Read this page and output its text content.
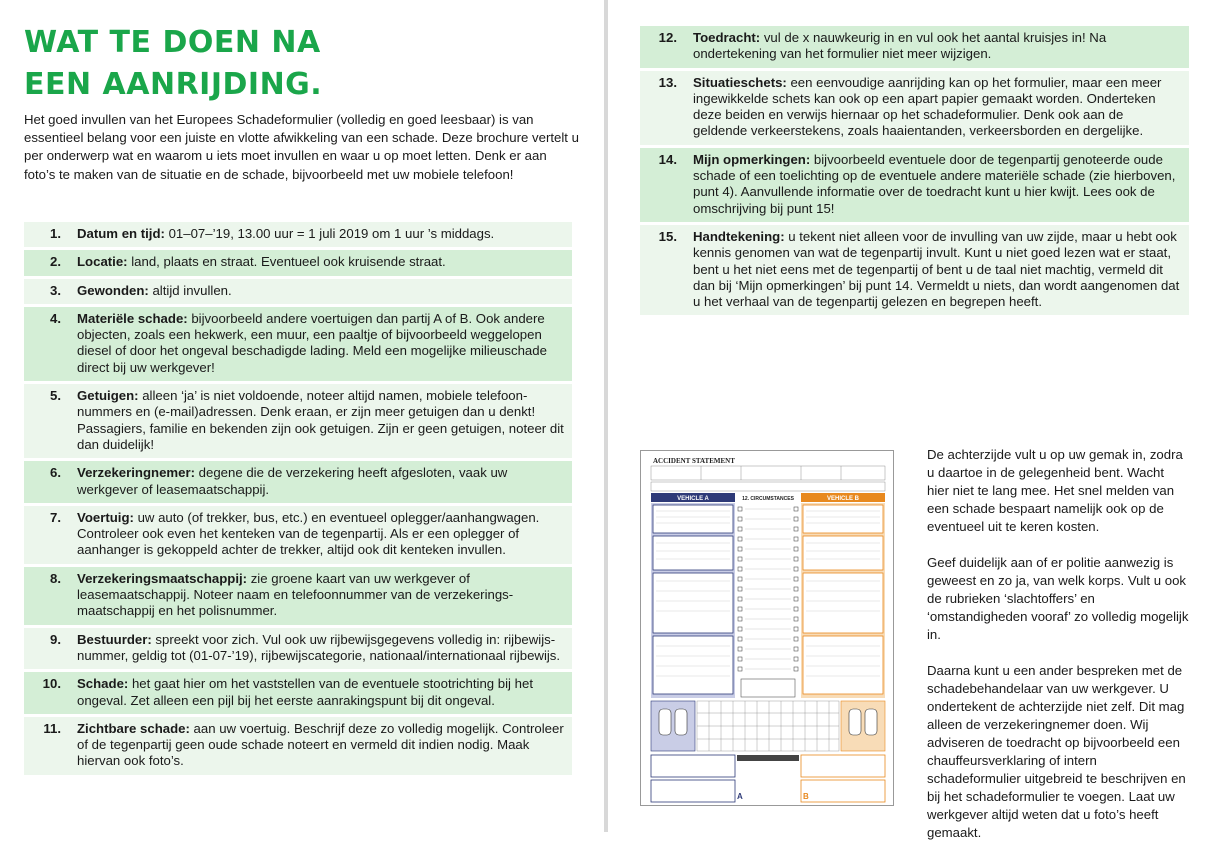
WAT TE DOEN NA
EEN AANRIJDING.

Het goed invullen van het Europees Schadeformulier (volledig en goed leesbaar) is van essentieel belang voor een juiste en vlotte afwikkeling van een schade. Deze brochure vertelt u per onderwerp wat en waarom u iets moet invullen en waar u op moet letten. Denk er aan foto’s te maken van de situatie en de schade, bijvoorbeeld met uw mobiele telefoon!

1.	Datum en tijd: 01–07–’19, 13.00 uur = 1 juli 2019 om 1 uur ’s middags.
2.	Locatie: land, plaats en straat. Eventueel ook kruisende straat.
3.	Gewonden: altijd invullen.
4.	Materiële schade: bijvoorbeeld andere voertuigen dan partij A of B. Ook andere objecten, zoals een hekwerk, een muur, een paaltje of bijvoorbeeld weggelopen diesel of door het ongeval beschadigde lading. Meld een mogelijke milieuschade direct bij uw werkgever!
5.	Getuigen: alleen ‘ja’ is niet voldoende, noteer altijd namen, mobiele telefoon-nummers en (e-mail)adressen. Denk eraan, er zijn meer getuigen dan u denkt! Passagiers, familie en bekenden zijn ook getuigen. Zijn er geen getuigen, noteer dit dan duidelijk!
6.	Verzekeringnemer: degene die de verzekering heeft afgesloten, vaak uw werkgever of leasemaatschappij.
7.	Voertuig: uw auto (of trekker, bus, etc.) en eventueel oplegger/aanhangwagen. Controleer ook even het kenteken van de tegenpartij. Als er een oplegger of aanhanger is gekoppeld achter de trekker, altijd ook dit kenteken invullen.
8.	Verzekeringsmaatschappij: zie groene kaart van uw werkgever of leasemaatschappij. Noteer naam en telefoonnummer van de verzekerings-maatschappij en het polisnummer.
9.	Bestuurder: spreekt voor zich. Vul ook uw rijbewijsgegevens volledig in: rijbewijs-nummer, geldig tot (01-07-’19), rijbewijscategorie, nationaal/internationaal rijbewijs.
10.	Schade: het gaat hier om het vaststellen van de eventuele stootrichting bij het ongeval. Zet alleen een pijl bij het eerste aanrakingspunt bij dit ongeval.
11.	Zichtbare schade: aan uw voertuig. Beschrijf deze zo volledig mogelijk. Controleer of de tegenpartij geen oude schade noteert en vermeld dit indien nodig. Maak hiervan ook foto’s.
12.	Toedracht: vul de x nauwkeurig in en vul ook het aantal kruisjes in! Na ondertekening van het formulier niet meer wijzigen.
13.	Situatieschets: een eenvoudige aanrijding kan op het formulier, maar een meer ingewikkelde schets kan ook op een apart papier gemaakt worden. Onderteken deze beiden en verwijs hiernaar op het schadeformulier. Denk ook aan de geldende verkeerstekens, zoals haaientanden, verkeersborden en dergelijke.
14.	Mijn opmerkingen: bijvoorbeeld eventuele door de tegenpartij genoteerde oude schade of een toelichting op de eventuele andere materiële schade (zie hierboven, punt 4). Aanvullende informatie over de toedracht kunt u hier kwijt. Lees ook de omschrijving bij punt 15!
15.	Handtekening: u tekent niet alleen voor de invulling van uw zijde, maar u hebt ook kennis genomen van wat de tegenpartij invult. Kunt u niet goed lezen wat er staat, bent u het niet eens met de tegenpartij of bent u de taal niet machtig, vermeld dit dan bij ‘Mijn opmerkingen’ bij punt 14. Vermeldt u niets, dan wordt aangenomen dat u het verhaal van de tegenpartij gelezen en begrepen heeft.
ACCIDENT STATEMENT
VEHICLE A	VEHICLE B
12. CIRCUMSTANCES
A	B

De achterzijde vult u op uw gemak in, zodra u daartoe in de gelegenheid bent. Wacht hier niet te lang mee. Het snel melden van een schade bespaart namelijk ook op de eventueel uit te keren kosten.

Geef duidelijk aan of er politie aanwezig is geweest en zo ja, van welk korps. Vult u ook de rubrieken ‘slachtoffers’ en ‘omstandigheden vooraf’ zo volledig mogelijk in.

Daarna kunt u een ander bespreken met de schadebehandelaar van uw werkgever. U ondertekent de achterzijde niet zelf. Dit mag alleen de verzekeringnemer doen. Wij adviseren de toedracht op bijvoorbeeld een chauffeursverklaring of intern schadeformulier uitgebreid te beschrijven en bij het schadeformulier te voegen. Laat uw werkgever altijd weten dat u foto’s heeft gemaakt.
